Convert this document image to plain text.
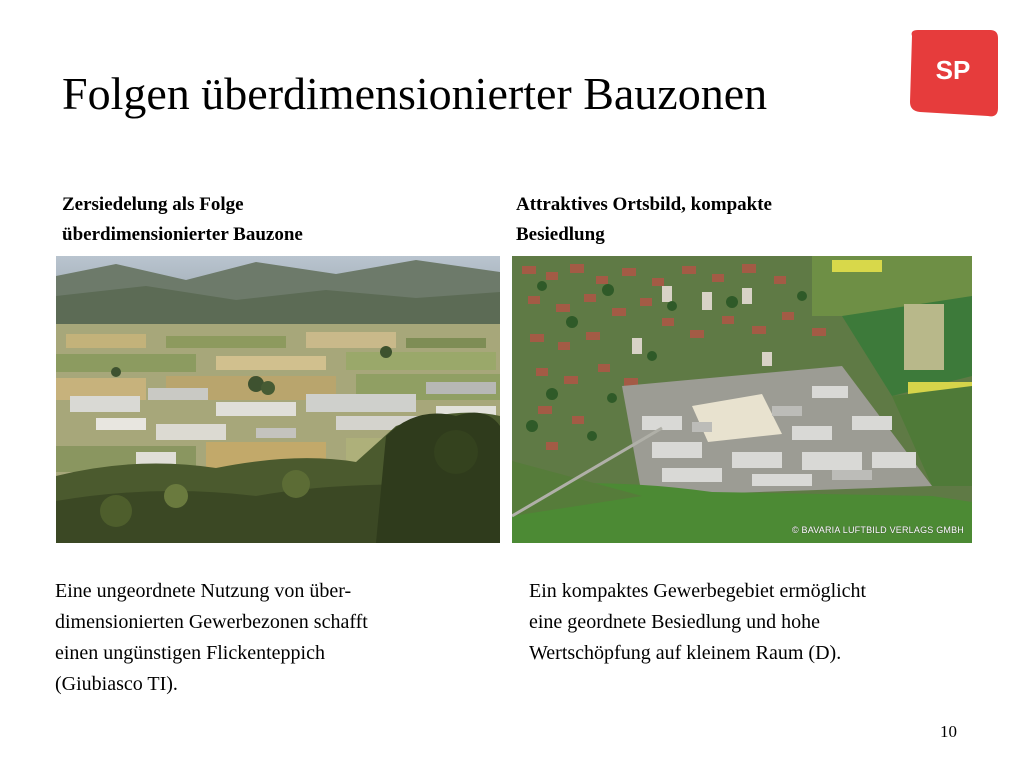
Folgen überdimensionierter Bauzonen	SP
Zersiedelung als Folge
überdimensionierter Bauzone
Attraktives Ortsbild, kompakte
Besiedlung
© BAVARIA LUFTBILD VERLAGS GMBH
Eine ungeordnete Nutzung von über-
dimensionierten Gewerbezonen schafft
einen ungünstigen Flickenteppich
(Giubiasco TI).
Ein kompaktes Gewerbegebiet ermöglicht
eine geordnete Besiedlung und hohe
Wertschöpfung auf kleinem Raum (D).
10
